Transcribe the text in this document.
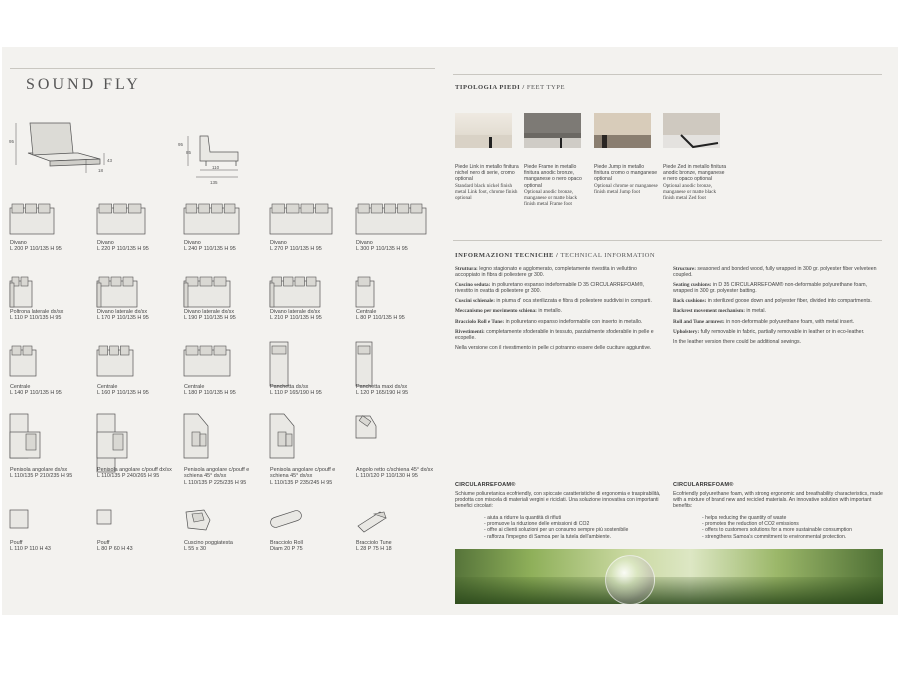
SOUND FLY
95
18
43
95
85
110
135
Divano
L 200 P 110/135 H 95
Divano
L 220 P 110/135 H 95
Divano
L 240 P 110/135 H 95
Divano
L 270 P 110/135 H 95
Divano
L 300 P 110/135 H 95
Poltrona laterale dx/sx
L 110 P 110/135 H 95
Divano laterale dx/sx
L 170 P 110/135 H 95
Divano laterale dx/sx
L 190 P 110/135 H 95
Divano laterale dx/sx
L 210 P 110/135 H 95
Centrale
L 80 P 110/135 H 95
Centrale
L 140 P 110/135 H 95
Centrale
L 160 P 110/135 H 95
Centrale
L 180 P 110/135 H 95
Panchetta dx/sx
L 110 P 165/190 H 95
Panchetta maxi dx/sx
L 120 P 165/190 H 95
Penisola angolare dx/sx
L 110/135 P 210/235 H 95
Penisola angolare c/pouff dx/sx
L 110/135 P 240/265 H 95
Penisola angolare c/pouff e schiena 45° dx/sx
L 110/135 P 225/235 H 95
Penisola angolare c/pouff e schiena 45° dx/sx
L 110/135 P 235/245 H 95
Angolo retto c/schiena 45° dx/sx
L 110/120 P 110/130 H 95
Pouff
L 110 P 110 H 43
Pouff
L 80 P 60 H 43
Cuscino poggiatesta
L 55 x 30
Bracciolo Roll
Diam 20 P 75
Bracciolo Tune
L 28 P 75 H 18
TIPOLOGIA PIEDI / FEET TYPE
Piede Link in metallo finitura nichel nero di serie, cromo optional
Standard black nickel finish metal Link foot, chrome finish optional
Piede Frame in metallo finitura anodic bronze, manganese o nero opaco optional
Optional anodic bronze, manganese or matte black finish metal Frame foot
Piede Jump in metallo finitura cromo o manganese optional
Optional chrome or manganese finish metal Jump foot
Piede Zed in metallo finitura anodic bronze, manganese e nero opaco optional
Optional anodic bronze, manganese or matte black finish metal Zed foot
INFORMAZIONI TECNICHE / TECHNICAL INFORMATION
Struttura: legno stagionato e agglomerato, completamente rivestita in velluttino accoppiato in fibra di poliestere gr 300.
Cuscino seduta: in poliuretano espanso indeformabile D 35 CIRCULARREFOAM®, rivestito in ovatta di poliestere gr 300.
Cuscini schienale: in piuma d' oca sterilizzata e fibra di poliestere suddivisi in comparti.
Meccanismo per movimento schiena: in metallo.
Bracciolo Roll e Tune: in poliuretano espanso indeformabile con inserto in metallo.
Rivestimenti: completamente sfoderabile in tessuto, parzialmente sfoderabile in pelle e ecopelle.
Nella versione con il rivestimento in pelle ci potranno essere delle cuciture aggiuntive.
Structure: seasoned and bonded wood, fully wrapped in 300 gr. polyester fiber velveteen coupled.
Seating cushions: in D 35 CIRCULARREFOAM® non-deformable polyurethane foam, wrapped in 300 gr. polyester batting.
Back cushions: in sterilized goose down and polyester fiber, divided into compartments.
Backrest movement mechanism: in metal.
Roll and Tune armrest: in non-deformable polyurethane foam, with metal insert.
Upholstery: fully removable in fabric, partially removable in leather or in eco-leather.
In the leather version there could be additional sewings.
CIRCULARREFOAM®	CIRCULARREFOAM®
Schiume poliuretanica ecofriendly, con spiccate caratteristiche di ergonomia e traspirabilità, prodotta con miscela di materiali vergini e riciclati. Una soluzione innovativa con importanti benefici circolari:
Ecofriendly polyurethane foam, with strong ergonomic and breathability characteristics, made with a mixture of brand new and recicled materials. An innovative solution with important benefits:
- aiuta a ridurre la quantità di rifiuti
- promuove la riduzione delle emissioni di CO2
- offre ai clienti soluzioni per un consumo sempre più sostenibile
- rafforza l'impegno di Samoa per la tutela dell'ambiente.
- helps reducing the quantity of waste
- promotes the reduction of CO2 emissions
- offers to customers solutions for a more sustainable consumption
- strengthens Samoa's commitment to environmental protection.
